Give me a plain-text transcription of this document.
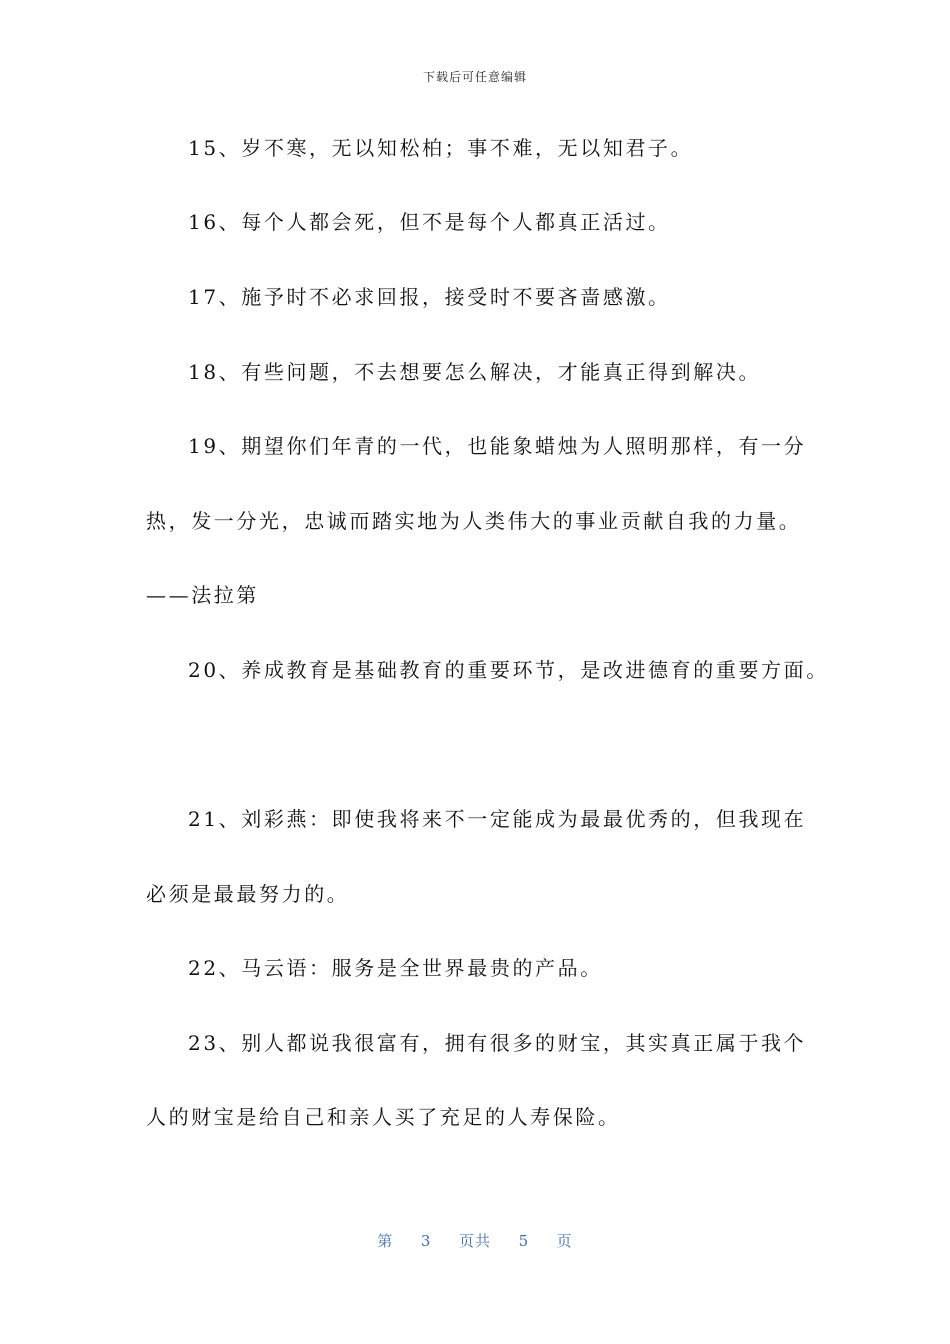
下载后可任意编辑
15、岁不寒，无以知松柏；事不难，无以知君子。
16、每个人都会死，但不是每个人都真正活过。
17、施予时不必求回报，接受时不要吝啬感激。
18、有些问题，不去想要怎么解决，才能真正得到解决。
19、期望你们年青的一代，也能象蜡烛为人照明那样，有一分
热，发一分光，忠诚而踏实地为人类伟大的事业贡献自我的力量。
——法拉第
20、养成教育是基础教育的重要环节，是改进德育的重要方面。
21、刘彩燕：即使我将来不一定能成为最最优秀的，但我现在
必须是最最努力的。
22、马云语：服务是全世界最贵的产品。
23、别人都说我很富有，拥有很多的财宝，其实真正属于我个
人的财宝是给自己和亲人买了充足的人寿保险。
第 3 页共 5 页
